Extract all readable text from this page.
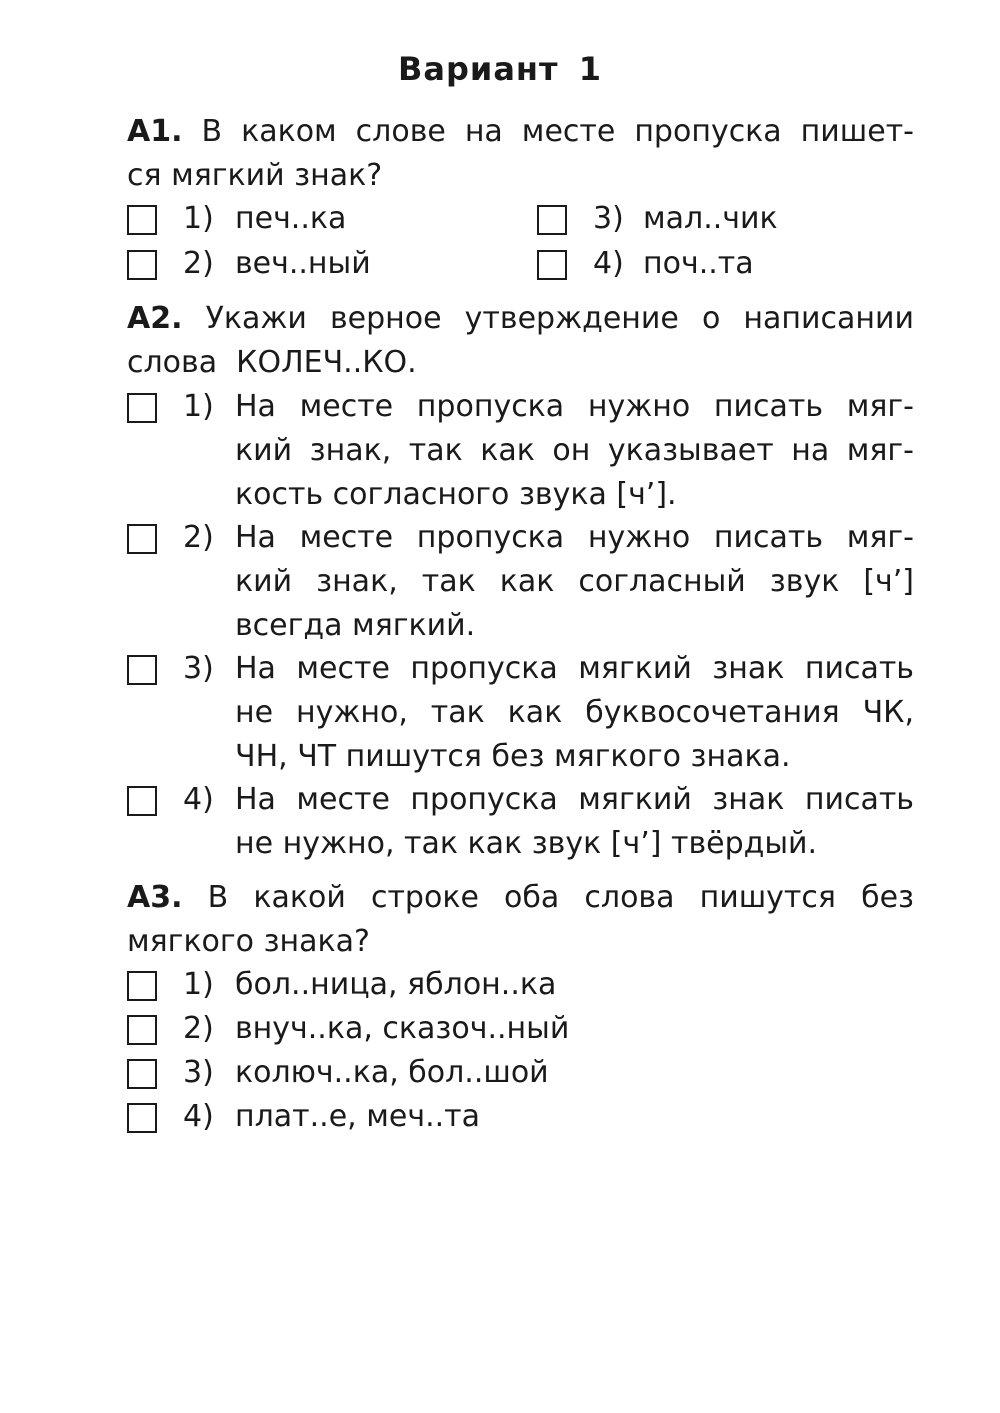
Вариант 1
А1. В каком слове на месте пропуска пишет-
ся мягкий знак?
1) печ..ка
2) веч..ный
3) мал..чик
4) поч..та
А2. Укажи верное утверждение о написании
слова КОЛЕЧ..КО.
1) На месте пропуска нужно писать мяг-
кий знак, так как он указывает на мяг-
кость согласного звука [ч’].
2) На месте пропуска нужно писать мяг-
кий знак, так как согласный звук [ч’]
всегда мягкий.
3) На месте пропуска мягкий знак писать
не нужно, так как буквосочетания ЧК,
ЧН, ЧТ пишутся без мягкого знака.
4) На месте пропуска мягкий знак писать
не нужно, так как звук [ч’] твёрдый.
А3. В какой строке оба слова пишутся без
мягкого знака?
1) бол..ница, яблон..ка
2) внуч..ка, сказоч..ный
3) колюч..ка, бол..шой
4) плат..е, меч..та
